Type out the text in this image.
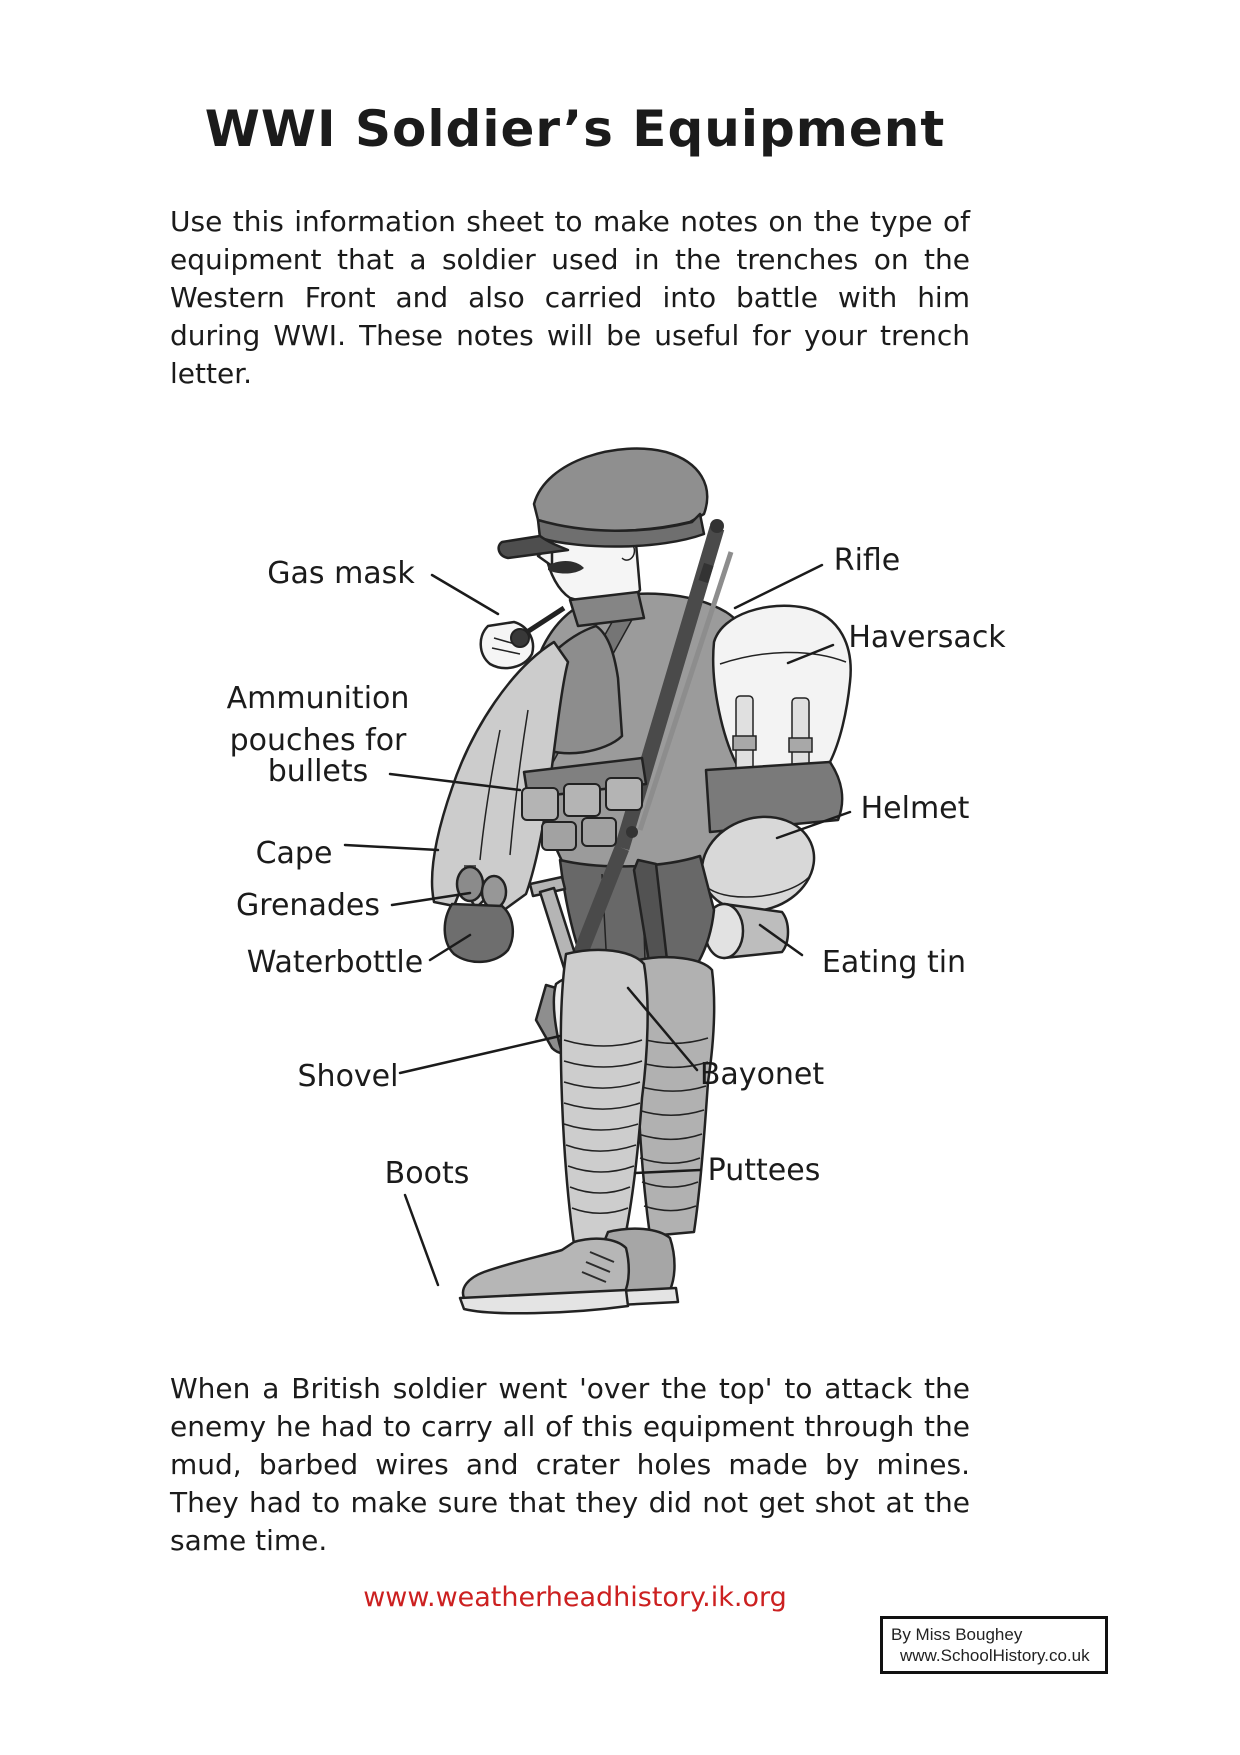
WWI Soldier’s Equipment
Use this information sheet to make notes on the type of equipment that a soldier used in the trenches on the Western Front and also carried into battle with him during WWI. These notes will be useful for your trench letter.
Gas mask	Rifle
Haversack
Ammunition
pouches for
bullets
Helmet
Cape
Grenades
Waterbottle	Eating tin
Shovel	Bayonet
Boots	Puttees
When a British soldier went 'over the top' to attack the enemy he had to carry all of this equipment through the mud, barbed wires and crater holes made by mines. They had to make sure that they did not get shot at the same time.
www.weatherheadhistory.ik.org
By Miss Boughey
www.SchoolHistory.co.uk
